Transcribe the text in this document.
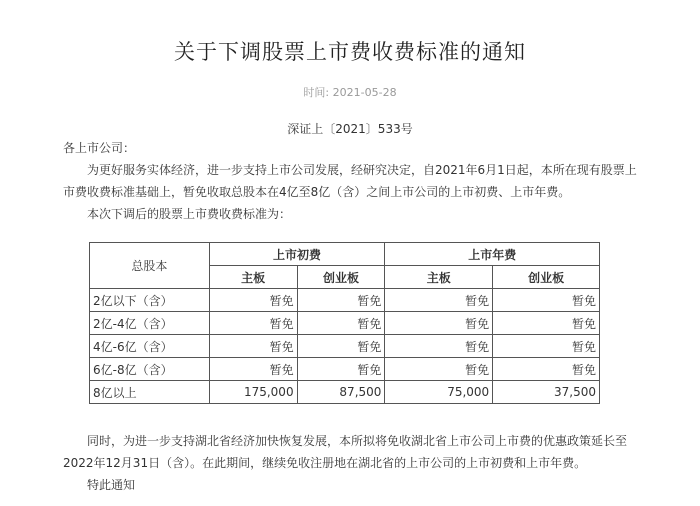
关于下调股票上市费收费标准的通知
时间: 2021-05-28
深证上〔2021〕533号
各上市公司：
为更好服务实体经济，进一步支持上市公司发展，经研究决定，自2021年6月1日起，本所在现有股票上市费收费标准基础上，暂免收取总股本在4亿至8亿（含）之间上市公司的上市初费、上市年费。
本次下调后的股票上市费收费标准为：
总股本	上市初费		上市年费	
	主板	创业板	主板	创业板
2亿以下（含）	暂免	暂免	暂免	暂免
2亿-4亿（含）	暂免	暂免	暂免	暂免
4亿-6亿（含）	暂免	暂免	暂免	暂免
6亿-8亿（含）	暂免	暂免	暂免	暂免
8亿以上	175,000	87,500	75,000	37,500
同时，为进一步支持湖北省经济加快恢复发展，本所拟将免收湖北省上市公司上市费的优惠政策延长至2022年12月31日（含）。在此期间，继续免收注册地在湖北省的上市公司的上市初费和上市年费。
特此通知
